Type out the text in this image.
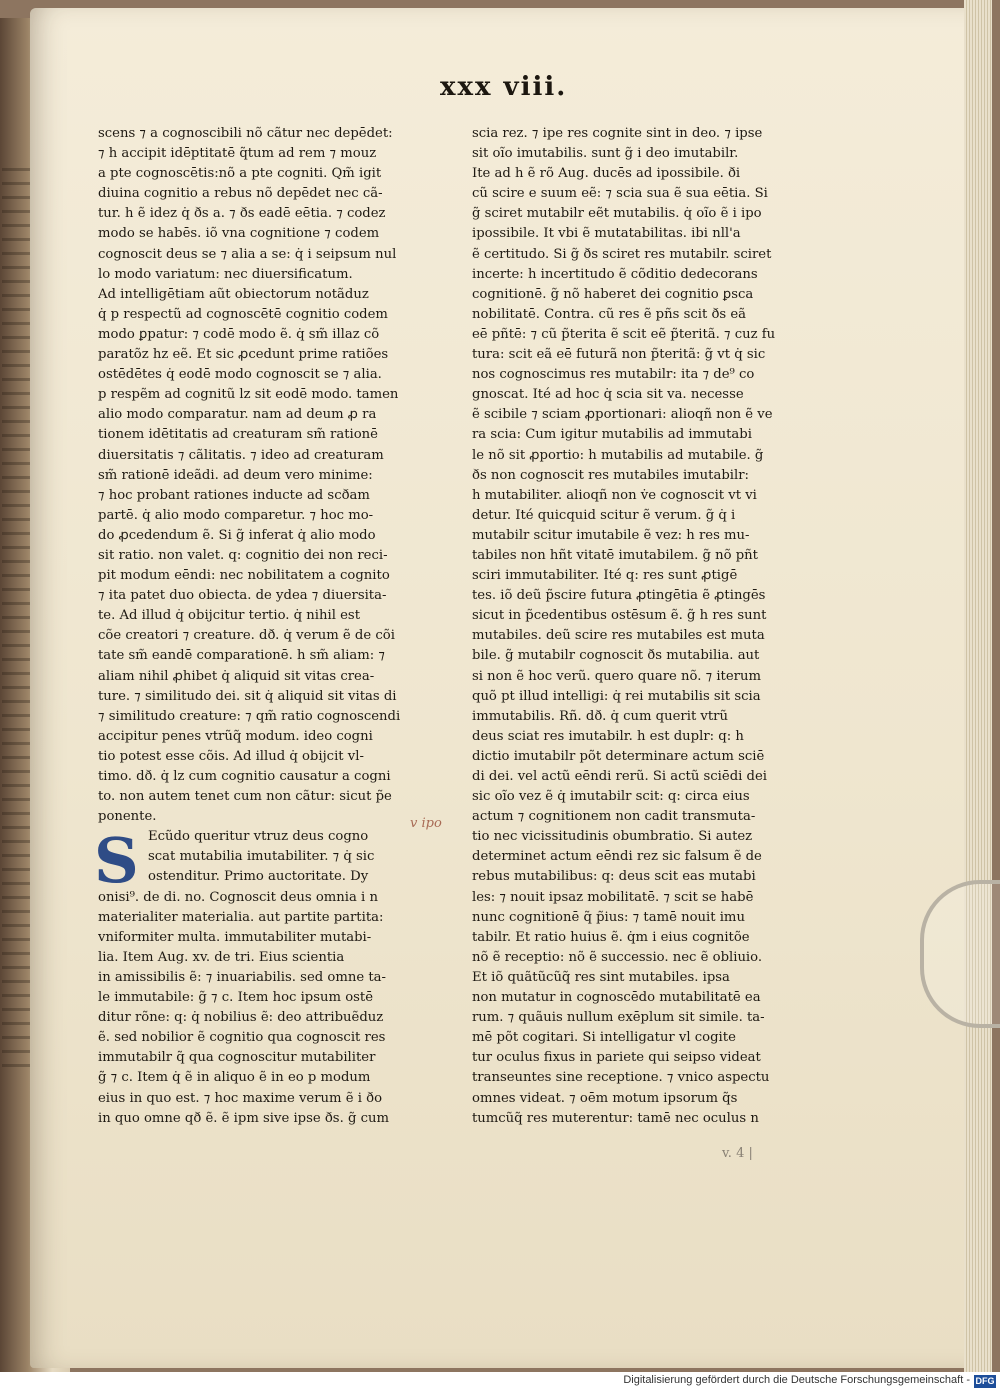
xxx viii.
scens ⁊ a cognoscibili nõ cãtur nec depēdet:
⁊ h accipit idēptitatē q̃tum ad rem ⁊ mouz
a pte cognoscētis:nõ a pte cogniti. Qm̃ igit
diuina cognitio a rebus nõ depēdet nec cã-
tur. h ẽ idez q̇ ðs a. ⁊ ðs eadē eētia. ⁊ codez
modo se habēs. iõ vna cognitione ⁊ codem
cognoscit deus se ⁊ alia a se: q̇ i seipsum nul
lo modo variatum: nec diuersificatum.
Ad intelligētiam aũt obiectorum notãduz
q̇ p respectũ ad cognoscētē cognitio codem
modo ꝑpatur: ⁊ codē modo ẽ. q̇ sm̃ illaz cõ
paratõz hz eẽ. Et sic ꝓcedunt prime ratiões
ostēdētes q̇ eodē modo cognoscit se ⁊ alia.
p respẽm ad cognitũ lz sit eodē modo. tamen
alio modo comparatur. nam ad deum ꝓ ra
tionem idētitatis ad creaturam sm̃ rationē
diuersitatis ⁊ cãlitatis. ⁊ ideo ad creaturam
sm̃ rationē ideãdi. ad deum vero minime:
⁊ hoc probant rationes inducte ad scðam
partē. q̇ alio modo comparetur. ⁊ hoc mo-
do ꝓcedendum ẽ. Si g̃ inferat q̇ alio modo
sit ratio. non valet. q: cognitio dei non reci-
pit modum eēndi: nec nobilitatem a cognito
⁊ ita patet duo obiecta. de ydea ⁊ diuersita-
te. Ad illud q̇ obijcitur tertio. q̇ nihil est
cõe creatori ⁊ creature. dð. q̇ verum ẽ de cõi
tate sm̃ eandē comparationē. h sm̃ aliam: ⁊
aliam nihil ꝓhibet q̇ aliquid sit vitas crea-
ture. ⁊ similitudo dei. sit q̇ aliquid sit vitas di
⁊ similitudo creature: ⁊ qm̃ ratio cognoscendi
accipitur penes vtrũq̃ modum. ideo cogni
tio potest esse cõis. Ad illud q̇ obijcit vl-
timo. dð. q̇ lz cum cognitio causatur a cogni
to. non autem tenet cum non cãtur: sicut p̃e
ponente.
Ecũdo queritur vtruz deus cogno
scat mutabilia imutabiliter. ⁊ q̇ sic
ostenditur. Primo auctoritate. Dy
onisi⁹. de di. no. Cognoscit deus omnia i n
materialiter materialia. aut partite partita:
vniformiter multa. immutabiliter mutabi-
lia. Item Aug. xv. de tri. Eius scientia
in amissibilis ẽ: ⁊ inuariabilis. sed omne ta-
le immutabile: g̃ ⁊ c. Item hoc ipsum ostē
ditur rõne: q: q̇ nobilius ẽ: deo attribuẽduz
ẽ. sed nobilior ẽ cognitio qua cognoscit res
immutabilr q̃ qua cognoscitur mutabiliter
g̃ ⁊ c. Item q̇ ẽ in aliquo ẽ in eo p modum
eius in quo est. ⁊ hoc maxime verum ẽ i ðo
in quo omne qð ẽ. ẽ ipm sive ipse ðs. g̃ cum
S
scia rez. ⁊ ipe res cognite sint in deo. ⁊ ipse
sit oĩo imutabilis. sunt g̃ i deo imutabilr.
Ite ad h ẽ rõ Aug. ducēs ad ipossibile. ði
cũ scire e suum eẽ: ⁊ scia sua ẽ sua eētia. Si
g̃ sciret mutabilr eẽt mutabilis. q̇ oĩo ẽ i ipo
ipossibile. It vbi ẽ mutatabilitas. ibi nll'a
ẽ certitudo. Si g̃ ðs sciret res mutabilr. sciret
incerte: h incertitudo ẽ cõditio dedecorans
cognitionē. g̃ nõ haberet dei cognitio ꝑsca
nobilitatē. Contra. cũ res ẽ pñs scit ðs eã
eē pñtē: ⁊ cũ p̃terita ẽ scit eẽ p̃teritã. ⁊ cuz fu
tura: scit eã eē futurã non p̃teritã: g̃ vt q̇ sic
nos cognoscimus res mutabilr: ita ⁊ de⁹ co
gnoscat. Ité ad hoc q̇ scia sit va. necesse
ẽ scibile ⁊ sciam ꝓportionari: alioqñ non ẽ ve
ra scia: Cum igitur mutabilis ad immutabi
le nõ sit ꝓportio: h mutabilis ad mutabile. g̃
ðs non cognoscit res mutabiles imutabilr:
h mutabiliter. alioqñ non v̇e cognoscit vt vi
detur. Ité quicquid scitur ẽ verum. g̃ q̇ i
mutabilr scitur imutabile ẽ vez: h res mu-
tabiles non hñt vitatē imutabilem. g̃ nõ pñt
sciri immutabiliter. Ité q: res sunt ꝓtigē
tes. iõ deũ p̃scire futura ꝓtingētia ẽ ꝓtingēs
sicut in p̃cedentibus ostēsum ẽ. g̃ h res sunt
mutabiles. deũ scire res mutabiles est muta
bile. g̃ mutabilr cognoscit ðs mutabilia. aut
si non ẽ hoc verũ. quero quare nõ. ⁊ iterum
quõ pt illud intelligi: q̇ rei mutabilis sit scia
immutabilis. Rñ. dð. q̇ cum querit vtrũ
deus sciat res imutabilr. h est duplr: q: h
dictio imutabilr põt determinare actum sciē
di dei. vel actũ eēndi rerũ. Si actũ sciēdi dei
sic oĩo vez ẽ q̇ imutabilr scit: q: circa eius
actum ⁊ cognitionem non cadit transmuta-
tio nec vicissitudinis obumbratio. Si autez
determinet actum eēndi rez sic falsum ẽ de
rebus mutabilibus: q: deus scit eas mutabi
les: ⁊ nouit ipsaz mobilitatē. ⁊ scit se habē
nunc cognitionē q̃ p̃ius: ⁊ tamē nouit imu
tabilr. Et ratio huius ẽ. q̇m i eius cognitõe
nõ ẽ receptio: nõ ẽ successio. nec ẽ obliuio.
Et iõ quãtũcũq̃ res sint mutabiles. ipsa
non mutatur in cognoscēdo mutabilitatē ea
rum. ⁊ quãuis nullum exēplum sit simile. ta-
mē põt cogitari. Si intelligatur vl cogite
tur oculus fixus in pariete qui seipso videat
transeuntes sine receptione. ⁊ vnico aspectu
omnes videat. ⁊ oēm motum ipsorum q̃s
tumcũq̃ res muterentur: tamē nec oculus n
v ipo
v. 4 |
Digitalisierung gefördert durch die Deutsche Forschungsgemeinschaft - DFG
